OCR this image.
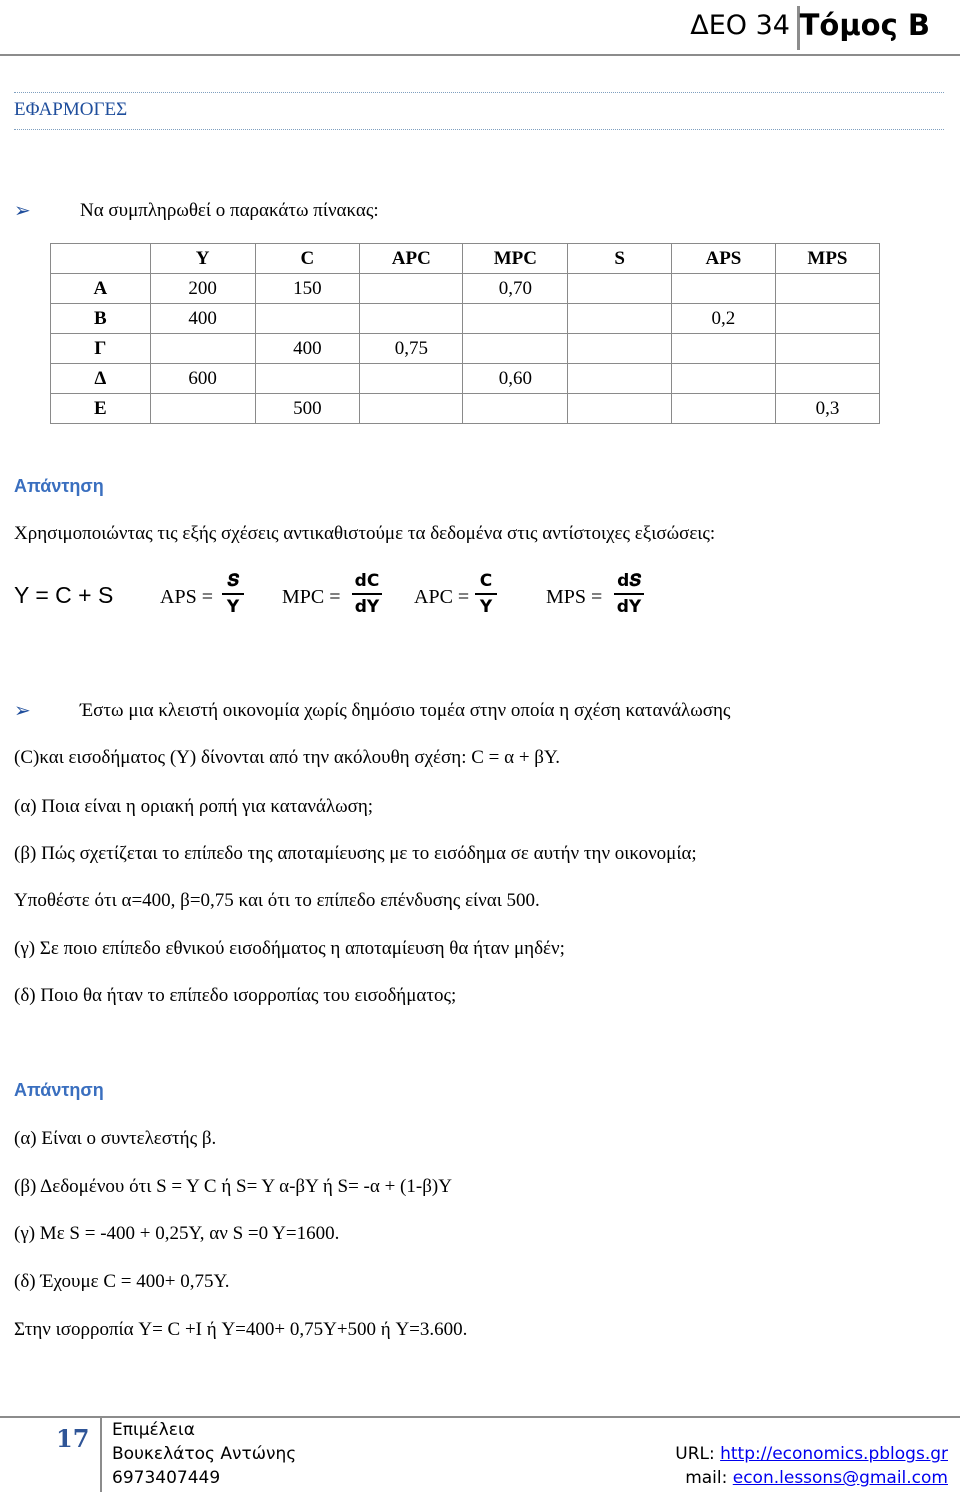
ΔΕΟ 34 Τόμος Β
ΕΦΑΡΜΟΓΕΣ
➢	Να συμπληρωθεί ο παρακάτω πίνακας:
	Y	C	APC	MPC	S	APS	MPS
Α	200	150		0,70			
Β	400					0,2	
Γ		400	0,75				
Δ	600			0,60			
Ε		500					0,3
Απάντηση
Χρησιμοποιώντας τις εξής σχέσεις αντικαθιστούμε τα δεδομένα στις αντίστοιχες εξισώσεις:
Y = C + S APS =
𝑺
Y MPC =
dC
dY APC =
C
Y	MPS =
d𝑺
dY
➢	Έστω μια κλειστή οικονομία χωρίς δημόσιο τομέα στην οποία η σχέση κατανάλωσης
(C)και εισοδήματος (Y) δίνονται από την ακόλουθη σχέση: C = α + βY.
(α) Ποια είναι η οριακή ροπή για κατανάλωση;
(β) Πώς σχετίζεται το επίπεδο της αποταμίευσης με το εισόδημα σε αυτήν την οικονομία;
Υποθέστε ότι α=400, β=0,75 και ότι το επίπεδο επένδυσης είναι 500.
(γ) Σε ποιο επίπεδο εθνικού εισοδήματος η αποταμίευση θα ήταν μηδέν;
(δ) Ποιο θα ήταν το επίπεδο ισορροπίας του εισοδήματος;
Απάντηση
(α) Είναι ο συντελεστής β.
(β) Δεδομένου ότι S = Y C ή S= Y α-βY ή S= -α + (1-β)Y
(γ) Με S = -400 + 0,25Y, αν S =0 Y=1600.
(δ) Έχουμε C = 400+ 0,75Y.
Στην ισορροπία Y= C +I ή Y=400+ 0,75Y+500 ή Y=3.600.
17 Επιμέλεια
Βουκελάτος Αντώνης
6973407449
URL: http://economics.pblogs.gr
mail: econ.lessons@gmail.com
